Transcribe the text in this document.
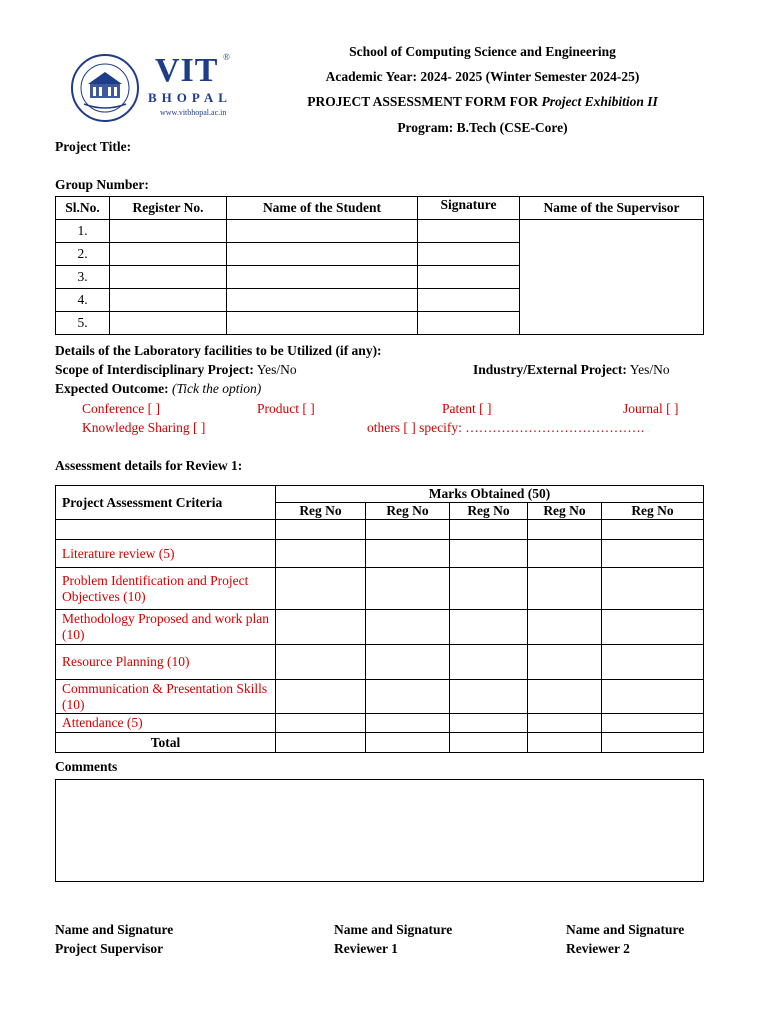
VIT ®
BHOPAL
www.vitbhopal.ac.in
School of Computing Science and Engineering
Academic Year: 2024- 2025 (Winter Semester 2024-25)
PROJECT ASSESSMENT FORM FOR Project Exhibition II
Program: B.Tech (CSE-Core)
Project Title:
Group Number:
Sl.No.	Register No.	Name of the Student	Signature	Name of the Supervisor
1.				
2.				
3.				
4.				
5.				
Details of the Laboratory facilities to be Utilized (if any):
Scope of Interdisciplinary Project: Yes/No	Industry/External Project: Yes/No
Expected Outcome: (Tick the option)
Conference [ ]	Product [ ]	Patent [ ]	Journal [ ]
Knowledge Sharing [ ]	others [ ] specify: ………………………………….
Assessment details for Review 1:
Project Assessment Criteria	Marks Obtained (50)				
	Reg No	Reg No	Reg No	Reg No	Reg No

Literature review (5)					
Problem Identification and Project Objectives (10)					
Methodology Proposed and work plan (10)					
Resource Planning (10)					
Communication & Presentation Skills (10)					
Attendance (5)					
Total					
Comments
Name and Signature
Project Supervisor
Name and Signature
Reviewer 1
Name and Signature
Reviewer 2
